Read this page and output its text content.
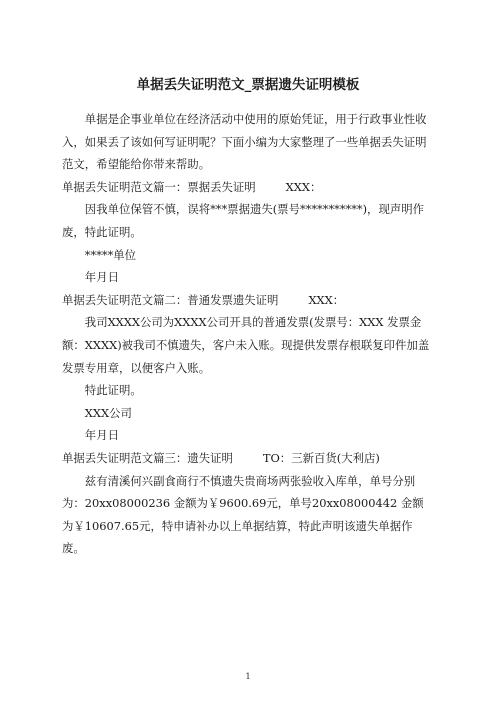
单据丢失证明范文_票据遗失证明模板

单据是企事业单位在经济活动中使用的原始凭证，用于行政事业性收入，如果丢了该如何写证明呢？下面小编为大家整理了一些单据丢失证明范文，希望能给你带来帮助。

单据丢失证明范文篇一：票据丢失证明	XXX：

因我单位保管不慎，误将***票据遗失(票号***********)，现声明作废，特此证明。

*****单位

年月日

单据丢失证明范文篇二：普通发票遗失证明	XXX：

我司XXXX公司为XXXX公司开具的普通发票(发票号：XXX 发票金额：XXXX)被我司不慎遗失，客户未入账。现提供发票存根联复印件加盖发票专用章，以便客户入账。

特此证明。

XXX公司

年月日

单据丢失证明范文篇三：遗失证明	TO：三新百货(大利店)

兹有清溪何兴副食商行不慎遗失贵商场两张验收入库单，单号分别为：20xx08000236 金额为￥9600.69元，单号20xx08000442 金额为￥10607.65元，特申请补办以上单据结算，特此声明该遗失单据作废。

1
